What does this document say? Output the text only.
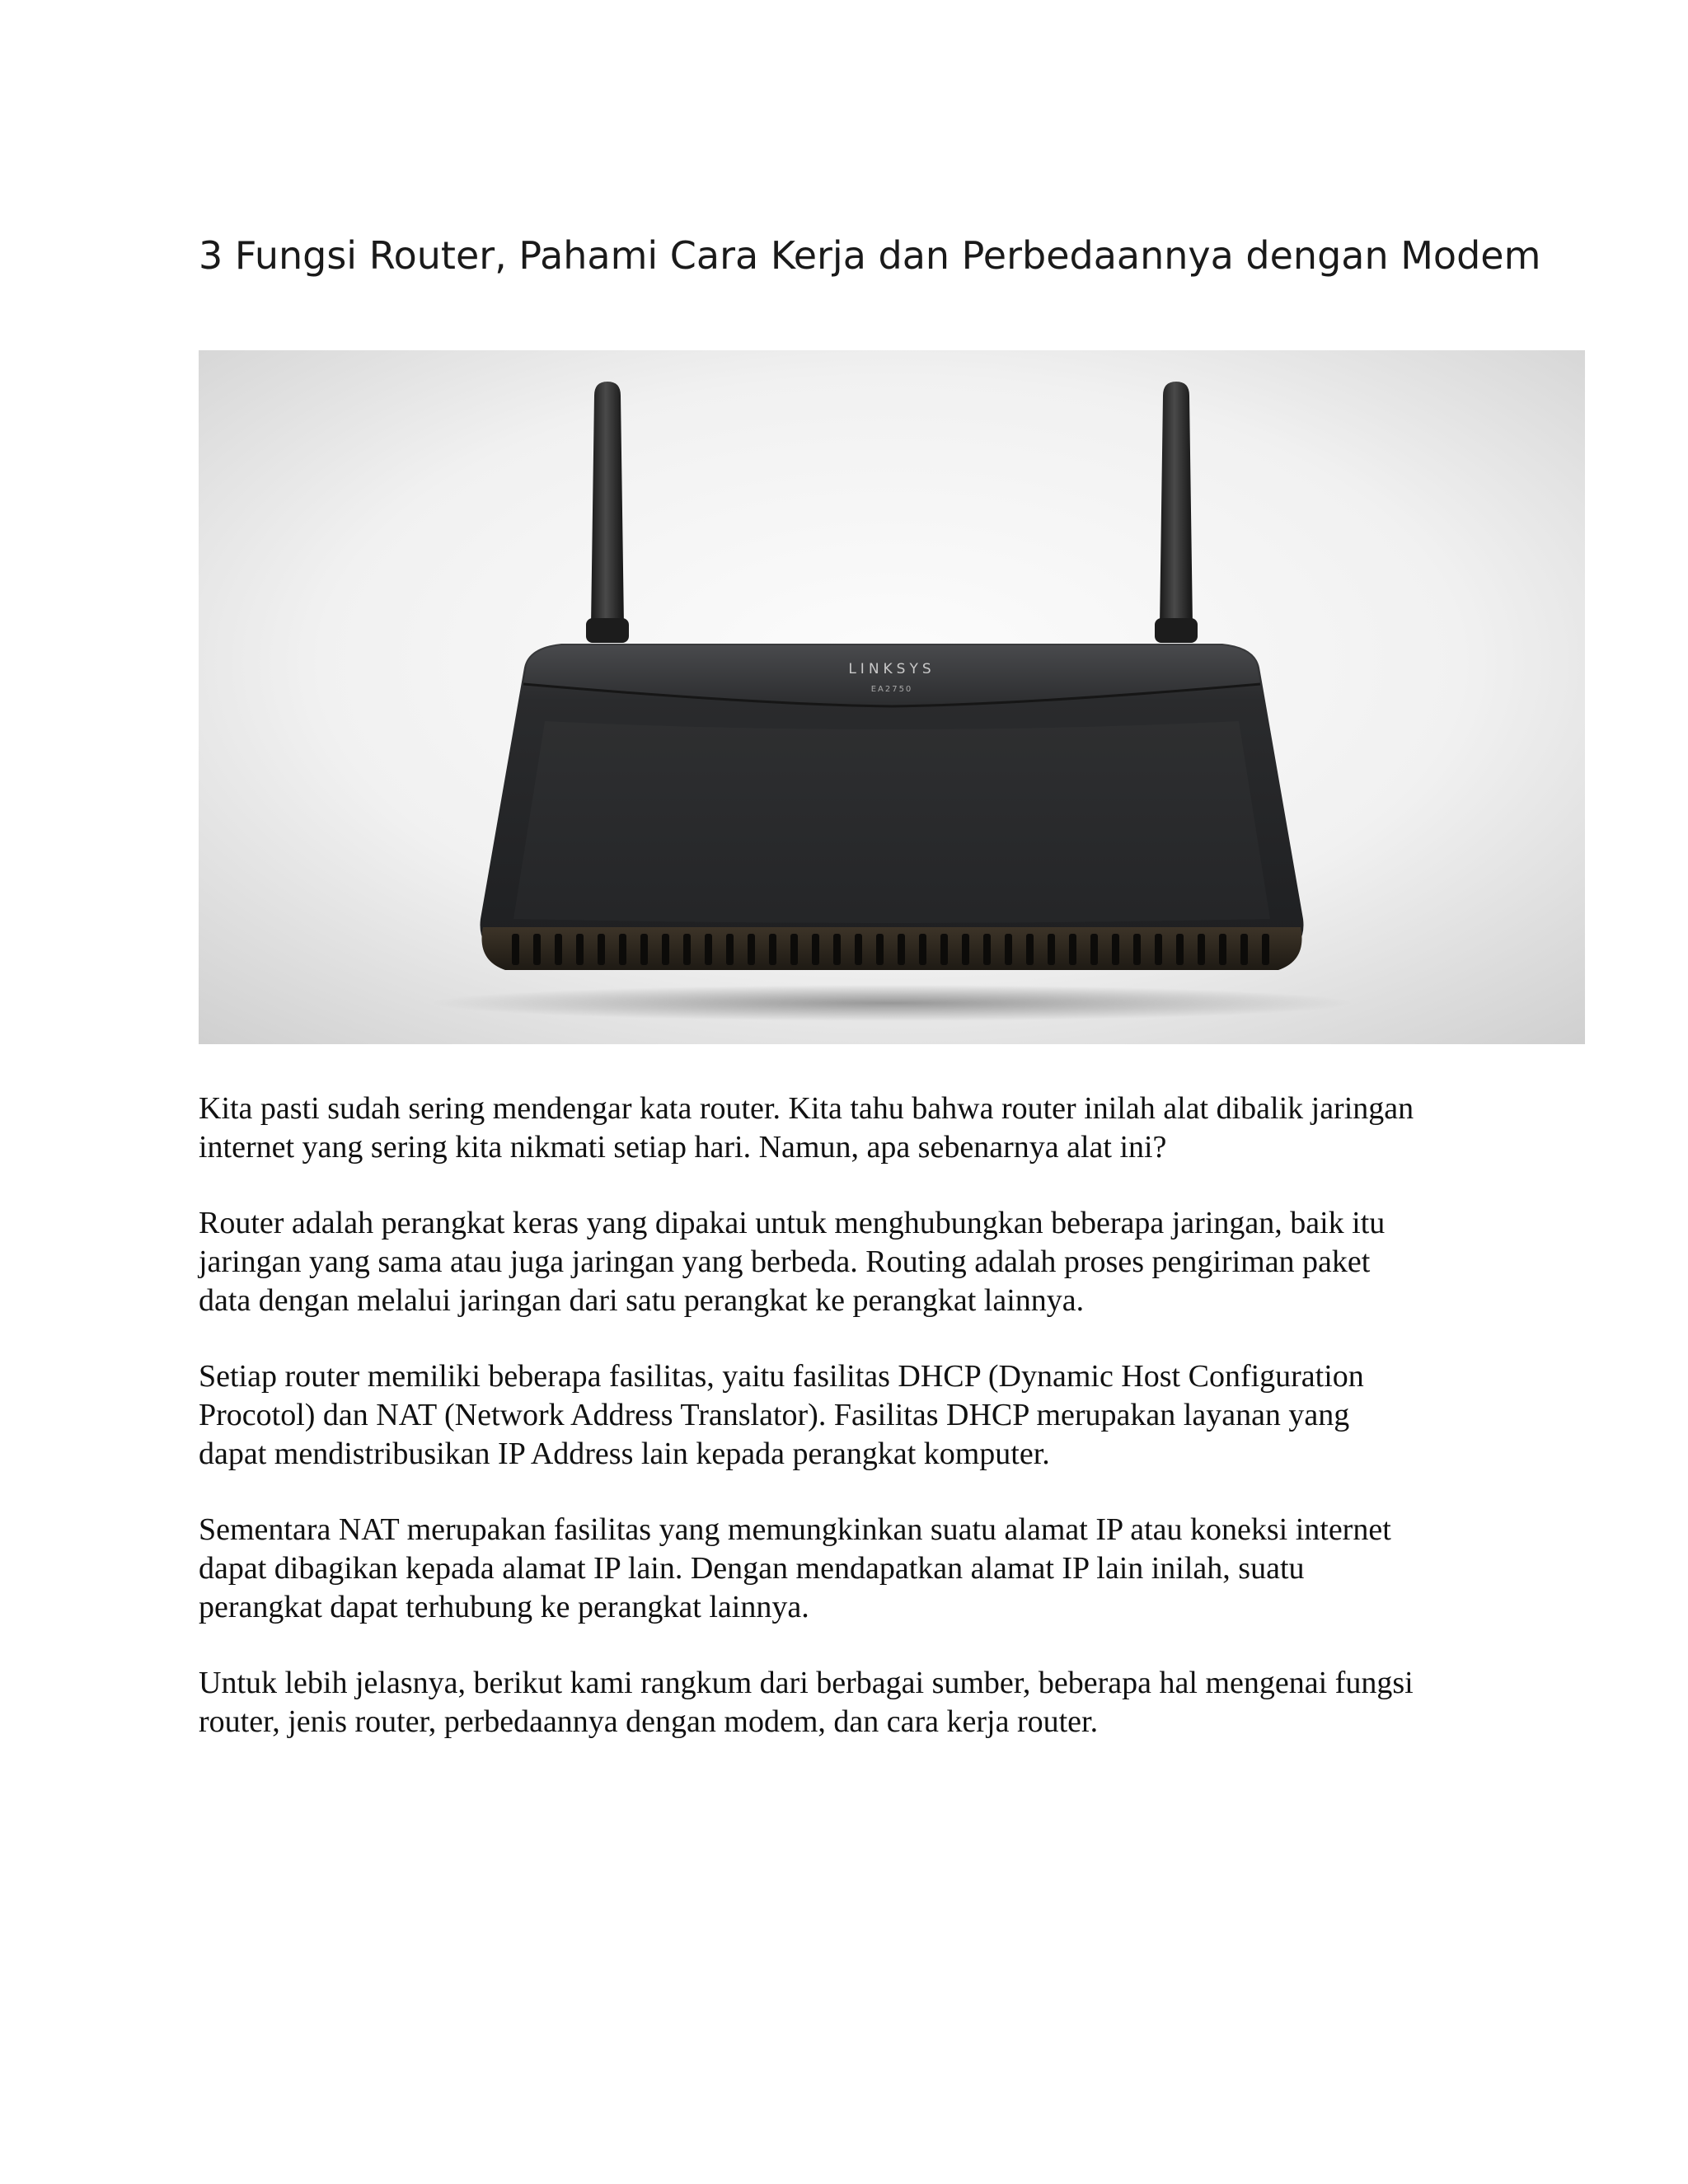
3 Fungsi Router, Pahami Cara Kerja dan Perbedaannya dengan Modem
LINKSYS
EA2750

Kita pasti sudah sering mendengar kata router. Kita tahu bahwa router inilah alat dibalik jaringan
internet yang sering kita nikmati setiap hari. Namun, apa sebenarnya alat ini?

Router adalah perangkat keras yang dipakai untuk menghubungkan beberapa jaringan, baik itu
jaringan yang sama atau juga jaringan yang berbeda. Routing adalah proses pengiriman paket
data dengan melalui jaringan dari satu perangkat ke perangkat lainnya.

Setiap router memiliki beberapa fasilitas, yaitu fasilitas DHCP (Dynamic Host Configuration
Procotol) dan NAT (Network Address Translator). Fasilitas DHCP merupakan layanan yang
dapat mendistribusikan IP Address lain kepada perangkat komputer.

Sementara NAT merupakan fasilitas yang memungkinkan suatu alamat IP atau koneksi internet
dapat dibagikan kepada alamat IP lain. Dengan mendapatkan alamat IP lain inilah, suatu
perangkat dapat terhubung ke perangkat lainnya.

Untuk lebih jelasnya, berikut kami rangkum dari berbagai sumber, beberapa hal mengenai fungsi
router, jenis router, perbedaannya dengan modem, dan cara kerja router.
